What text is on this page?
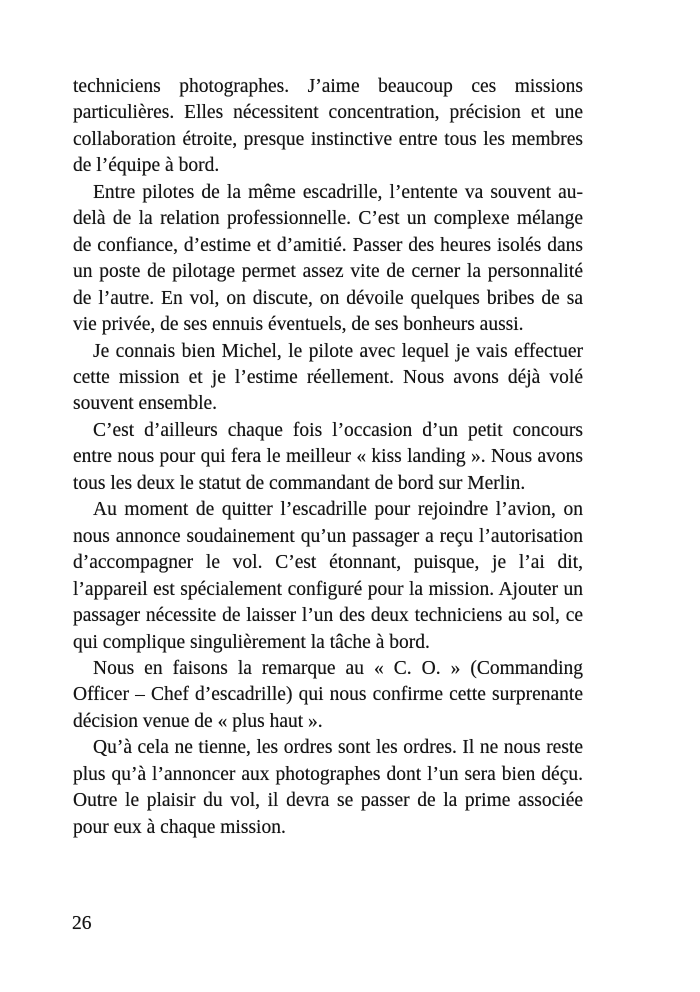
techniciens photographes. J’aime beaucoup ces missions
particulières. Elles nécessitent concentration, précision et une
collaboration étroite, presque instinctive entre tous les membres
de l’équipe à bord.
Entre pilotes de la même escadrille, l’entente va souvent au-
delà de la relation professionnelle. C’est un complexe mélange
de confiance, d’estime et d’amitié. Passer des heures isolés dans
un poste de pilotage permet assez vite de cerner la personnalité
de l’autre. En vol, on discute, on dévoile quelques bribes de sa
vie privée, de ses ennuis éventuels, de ses bonheurs aussi.
Je connais bien Michel, le pilote avec lequel je vais effectuer
cette mission et je l’estime réellement. Nous avons déjà volé
souvent ensemble.
C’est d’ailleurs chaque fois l’occasion d’un petit concours
entre nous pour qui fera le meilleur « kiss landing ». Nous avons
tous les deux le statut de commandant de bord sur Merlin.
Au moment de quitter l’escadrille pour rejoindre l’avion, on
nous annonce soudainement qu’un passager a reçu l’autorisation
d’accompagner le vol. C’est étonnant, puisque, je l’ai dit,
l’appareil est spécialement configuré pour la mission. Ajouter un
passager nécessite de laisser l’un des deux techniciens au sol, ce
qui complique singulièrement la tâche à bord.
Nous en faisons la remarque au « C. O. » (Commanding
Officer – Chef d’escadrille) qui nous confirme cette surprenante
décision venue de « plus haut ».
Qu’à cela ne tienne, les ordres sont les ordres. Il ne nous reste
plus qu’à l’annoncer aux photographes dont l’un sera bien déçu.
Outre le plaisir du vol, il devra se passer de la prime associée
pour eux à chaque mission.
26
